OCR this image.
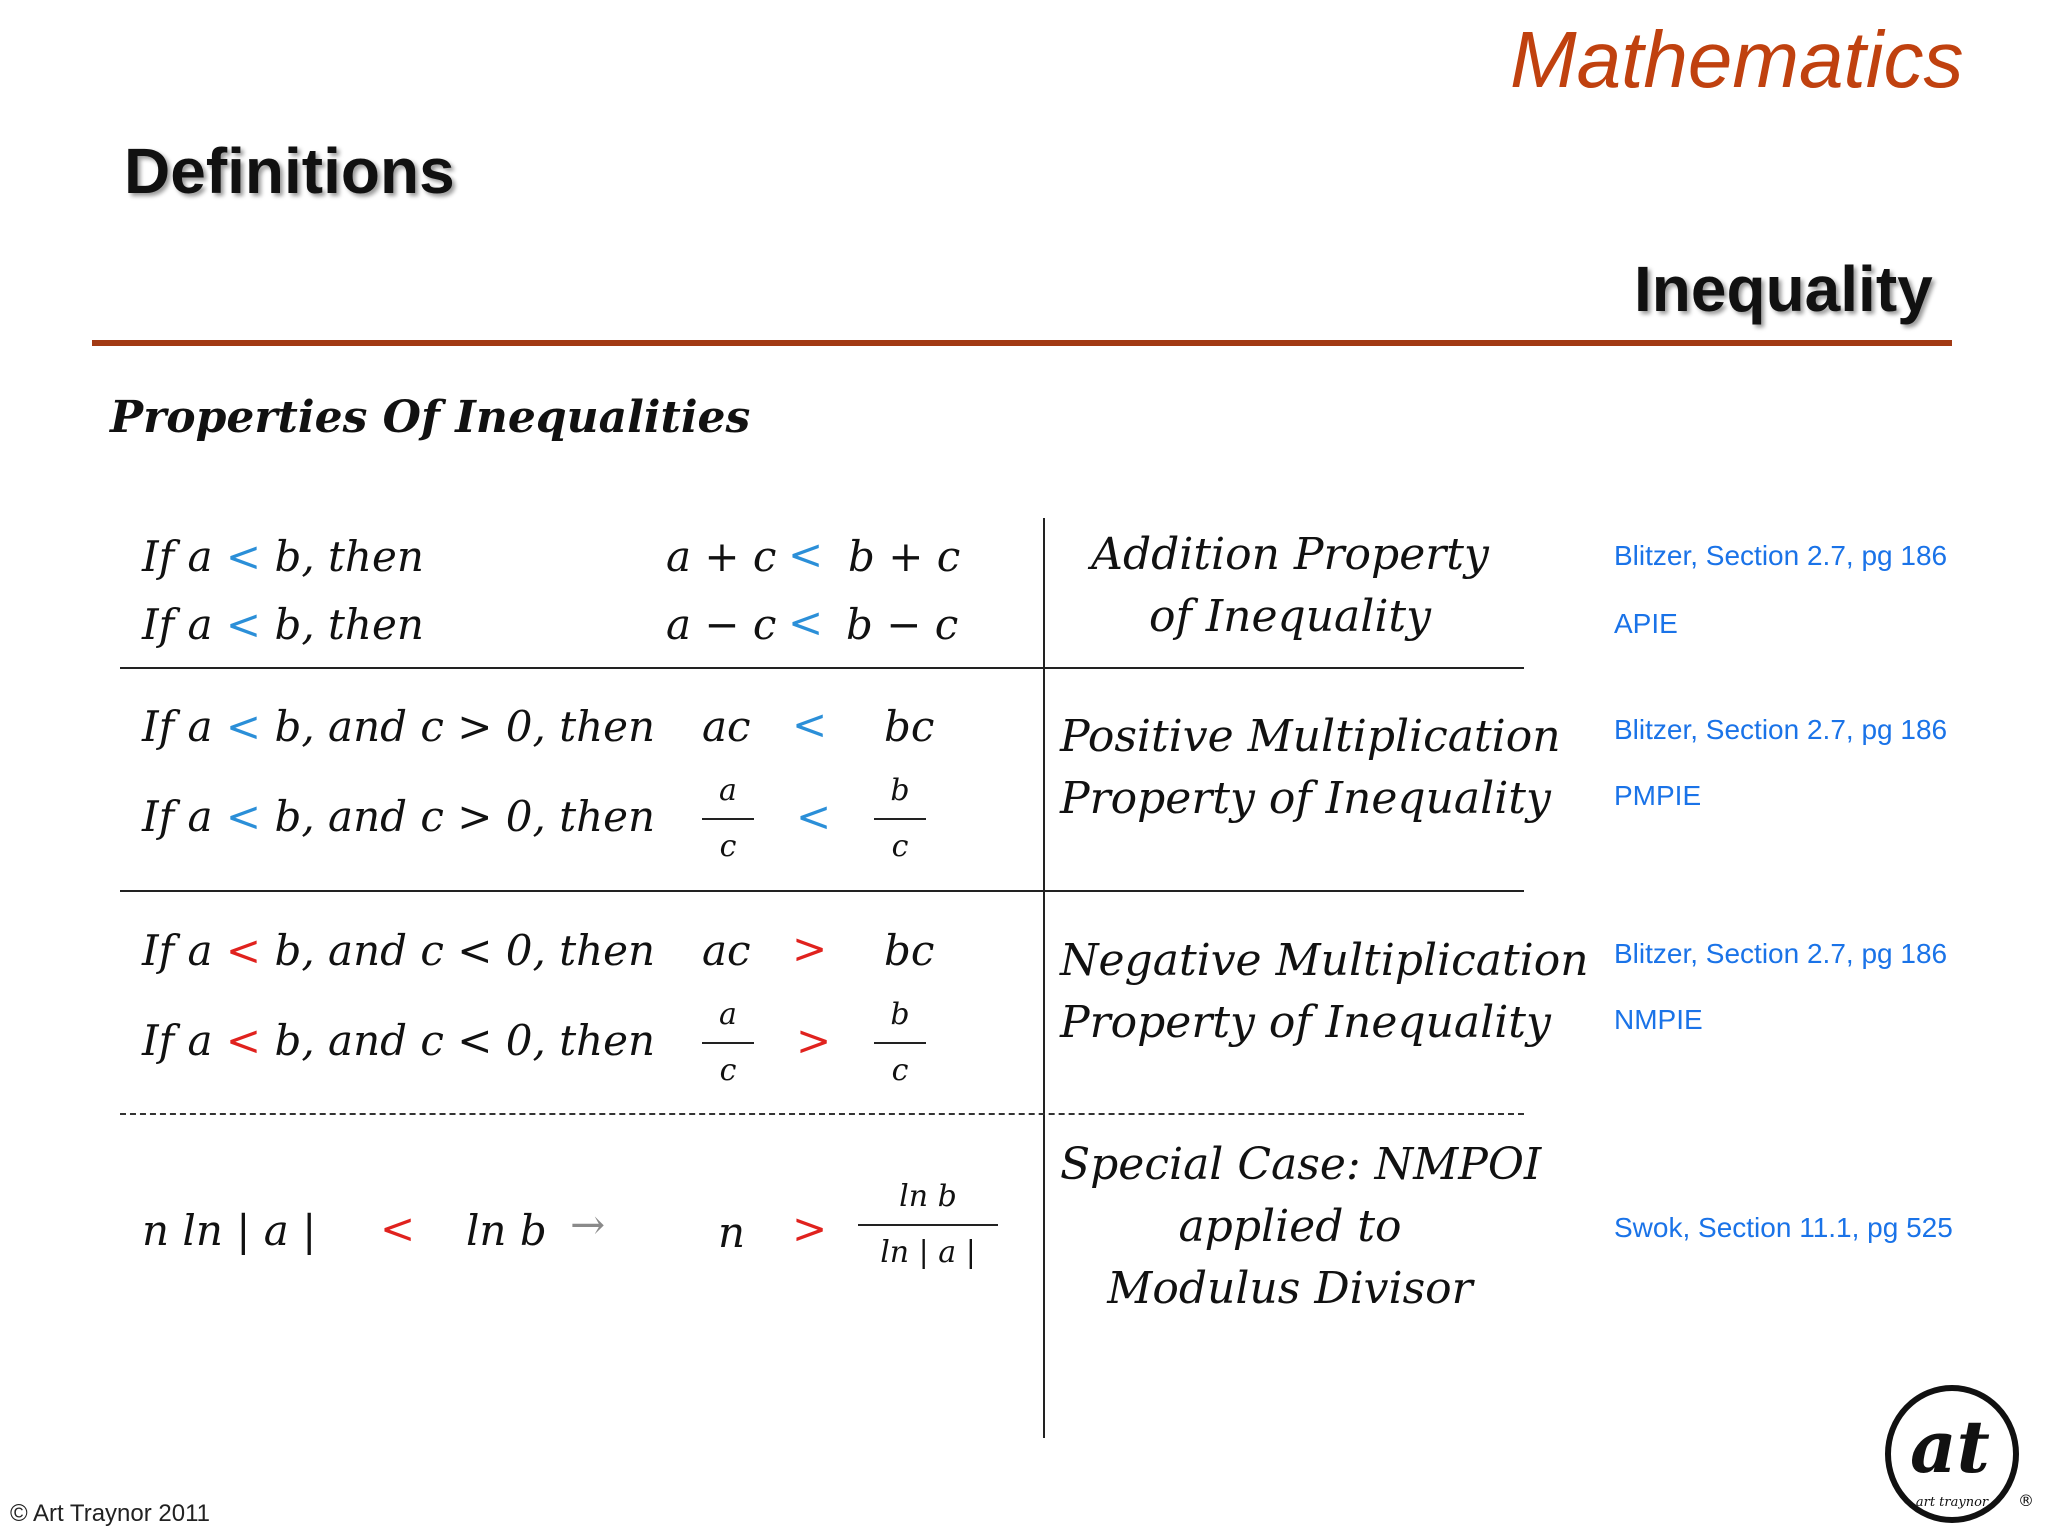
Mathematics
Definitions
Inequality
Properties Of Inequalities
If a < b, then
If a < b, then
a + c < b + c
a − c < b − c
Addition Property
of Inequality
Blitzer, Section 2.7, pg 186
APIE
If a < b, and c > 0, then
If a < b, and c > 0, then
ac < bc
a
c
<
b
c
Positive Multiplication
Property of Inequality
Blitzer, Section 2.7, pg 186
PMPIE
If a < b, and c < 0, then
If a < b, and c < 0, then
ac > bc
a
c
>
b
c
Negative Multiplication
Property of Inequality
Blitzer, Section 2.7, pg 186
NMPIE
n ln | a | < ln b →	n >
ln b
ln | a |
Special Case: NMPOI
applied to
Modulus Divisor
Swok, Section 11.1, pg 525
© Art Traynor 2011
at
art traynor ®
